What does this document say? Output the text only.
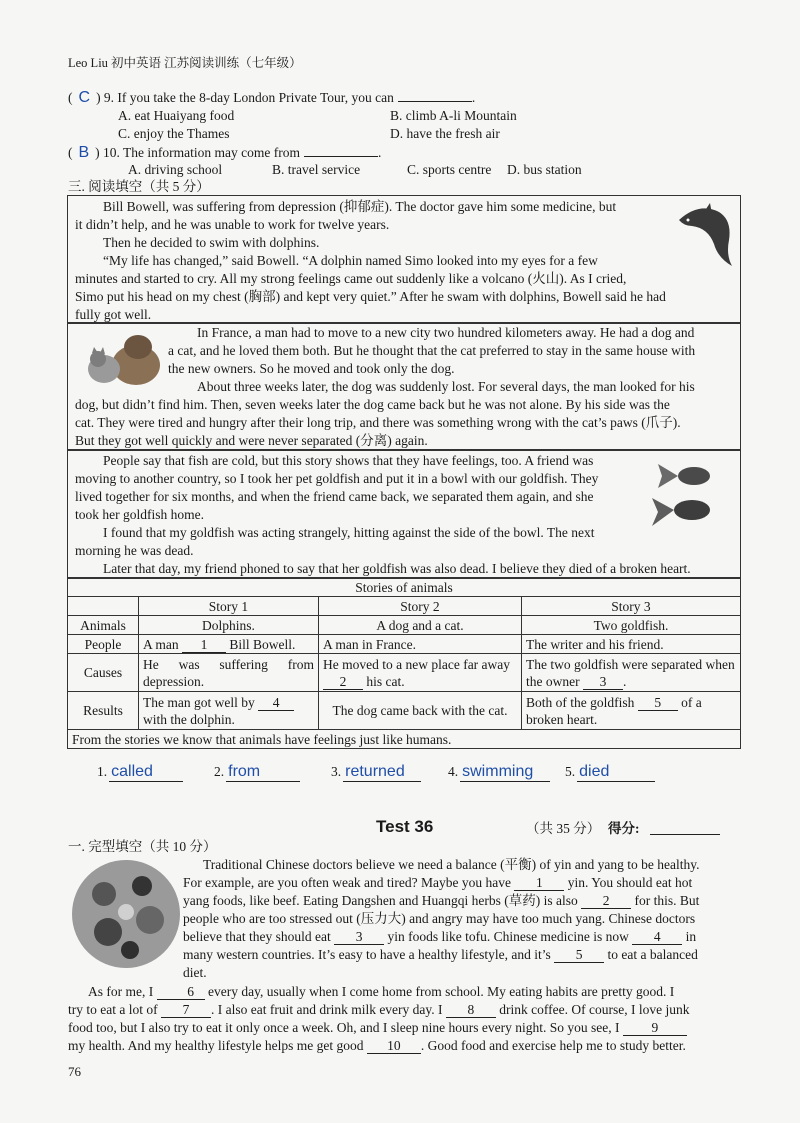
Leo Liu 初中英语 江苏阅读训练（七年级）
( C ) 9. If you take the 8-day London Private Tour, you can	.
A. eat Huaiyang food	B. climb A-li Mountain
C. enjoy the Thames	D. have the fresh air
( B ) 10. The information may come from	.
A. driving school	B. travel service	C. sports centre D. bus station
三. 阅读填空（共 5 分）

Bill Bowell, was suffering from depression (抑郁症). The doctor gave him some medicine, but

it didn’t help, and he was unable to work for twelve years.

Then he decided to swim with dolphins.

“My life has changed,” said Bowell. “A dolphin named Simo looked into my eyes for a few

minutes and started to cry. All my strong feelings came out suddenly like a volcano (火山). As I cried,

Simo put his head on my chest (胸部) and kept very quiet.” After he swam with dolphins, Bowell said he had

fully got well.

In France, a man had to move to a new city two hundred kilometers away. He had a dog and

a cat, and he loved them both. But he thought that the cat preferred to stay in the same house with

the new owners. So he moved and took only the dog.

About three weeks later, the dog was suddenly lost. For several days, the man looked for his

dog, but didn’t find him. Then, seven weeks later the dog came back but he was not alone. By his side was the

cat. They were tired and hungry after their long trip, and there was something wrong with the cat’s paws (爪子).

But they got well quickly and were never separated (分离) again.

People say that fish are cold, but this story shows that they have feelings, too. A friend was

moving to another country, so I took her pet goldfish and put it in a bowl with our goldfish. They

lived together for six months, and when the friend came back, we separated them again, and she

took her goldfish home.

I found that my goldfish was acting strangely, hitting against the side of the bowl. The next

morning he was dead.

Later that day, my friend phoned to say that her goldfish was also dead. I believe they died of a broken heart.

Stories of animals			
	Story 1	Story 2	Story 3
Animals	Dolphins.	A dog and a cat.	Two goldfish.
People	A man 1 Bill Bowell.	A man in France.	The writer and his friend.
Causes	He was suffering from depression.	He moved to a new place far away 2 his cat.	The two goldfish were separated when the owner 3 .
Results	The man got well by 4 with the dolphin.	The dog came back with the cat.	Both of the goldfish 5 of a broken heart.
From the stories we know that animals have feelings just like humans.			
1. called	2. from	3. returned	4. swimming	5. died
Test 36	（共 35 分） 得分:
一. 完型填空（共 10 分）

Traditional Chinese doctors believe we need a balance (平衡) of yin and yang to be healthy.

For example, are you often weak and tired? Maybe you have 1 yin. You should eat hot

yang foods, like beef. Eating Dangshen and Huangqi herbs (草药) is also 2 for this. But

people who are too stressed out (压力大) and angry may have too much yang. Chinese doctors

believe that they should eat 3 yin foods like tofu. Chinese medicine is now 4 in

many western countries. It’s easy to have a healthy lifestyle, and it’s 5 to eat a balanced

diet.

As for me, I	6 every day, usually when I come home from school. My eating habits are pretty good. I

try to eat a lot of 7 . I also eat fruit and drink milk every day. I 8 drink coffee. Of course, I love junk

food too, but I also try to eat it only once a week. Oh, and I sleep nine hours every night. So you see, I 9

my health. And my healthy lifestyle helps me get good 10 . Good food and exercise help me to study better.

76
